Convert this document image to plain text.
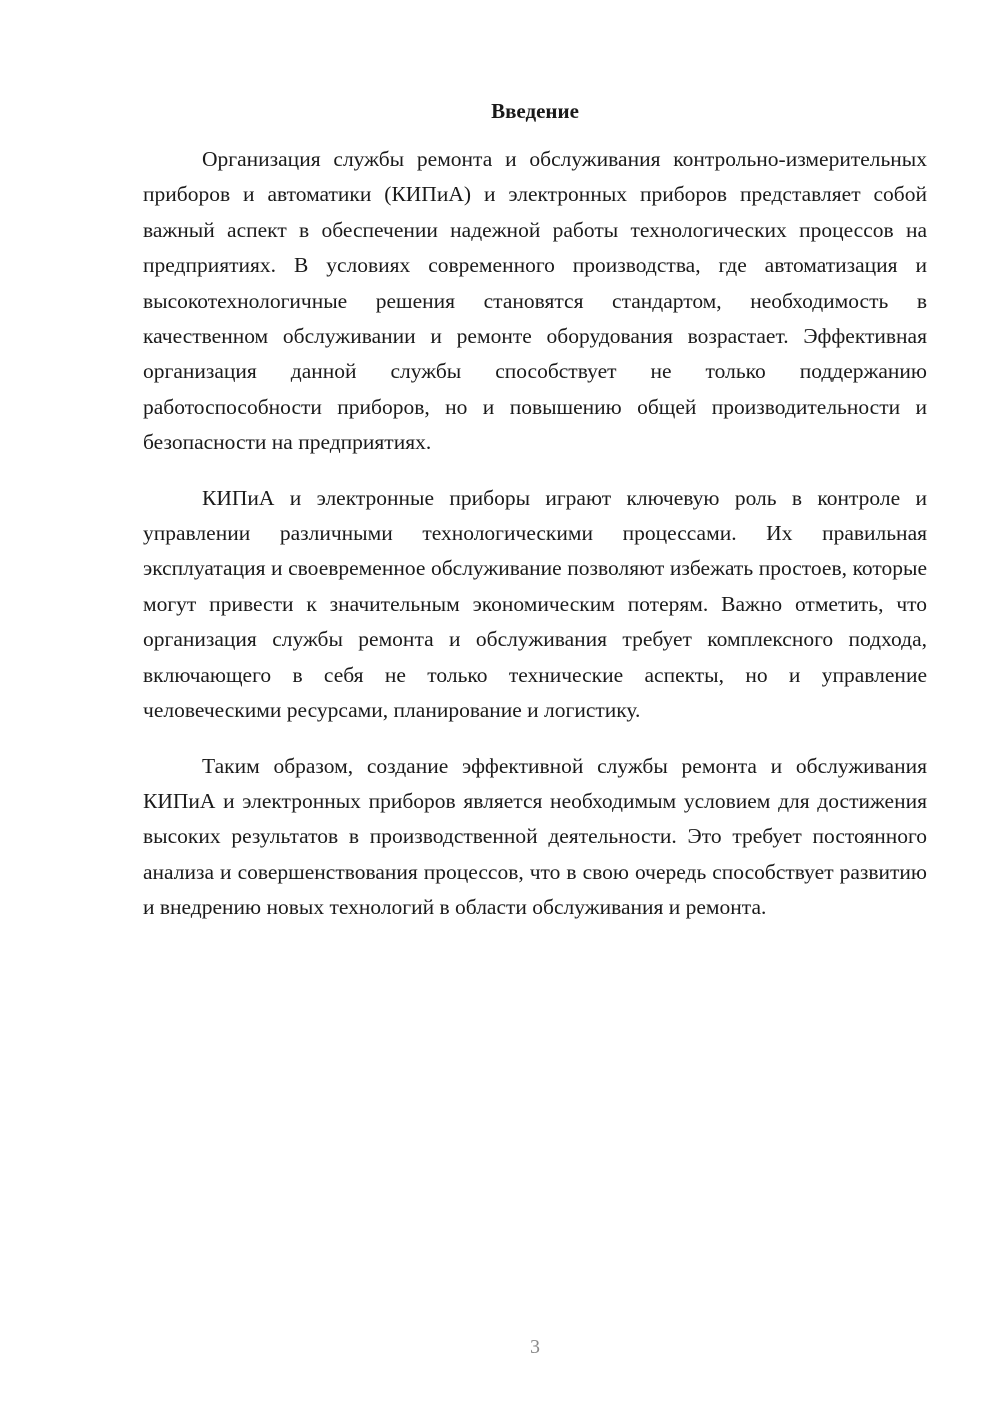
Введение

Организация службы ремонта и обслуживания контрольно-измерительных приборов и автоматики (КИПиА) и электронных приборов представляет собой важный аспект в обеспечении надежной работы технологических процессов на предприятиях. В условиях современного производства, где автоматизация и высокотехнологичные решения становятся стандартом, необходимость в качественном обслуживании и ремонте оборудования возрастает. Эффективная организация данной службы способствует не только поддержанию работоспособности приборов, но и повышению общей производительности и безопасности на предприятиях.

КИПиА и электронные приборы играют ключевую роль в контроле и управлении различными технологическими процессами. Их правильная эксплуатация и своевременное обслуживание позволяют избежать простоев, которые могут привести к значительным экономическим потерям. Важно отметить, что организация службы ремонта и обслуживания требует комплексного подхода, включающего в себя не только технические аспекты, но и управление человеческими ресурсами, планирование и логистику.

Таким образом, создание эффективной службы ремонта и обслуживания КИПиА и электронных приборов является необходимым условием для достижения высоких результатов в производственной деятельности. Это требует постоянного анализа и совершенствования процессов, что в свою очередь способствует развитию и внедрению новых технологий в области обслуживания и ремонта.

3
